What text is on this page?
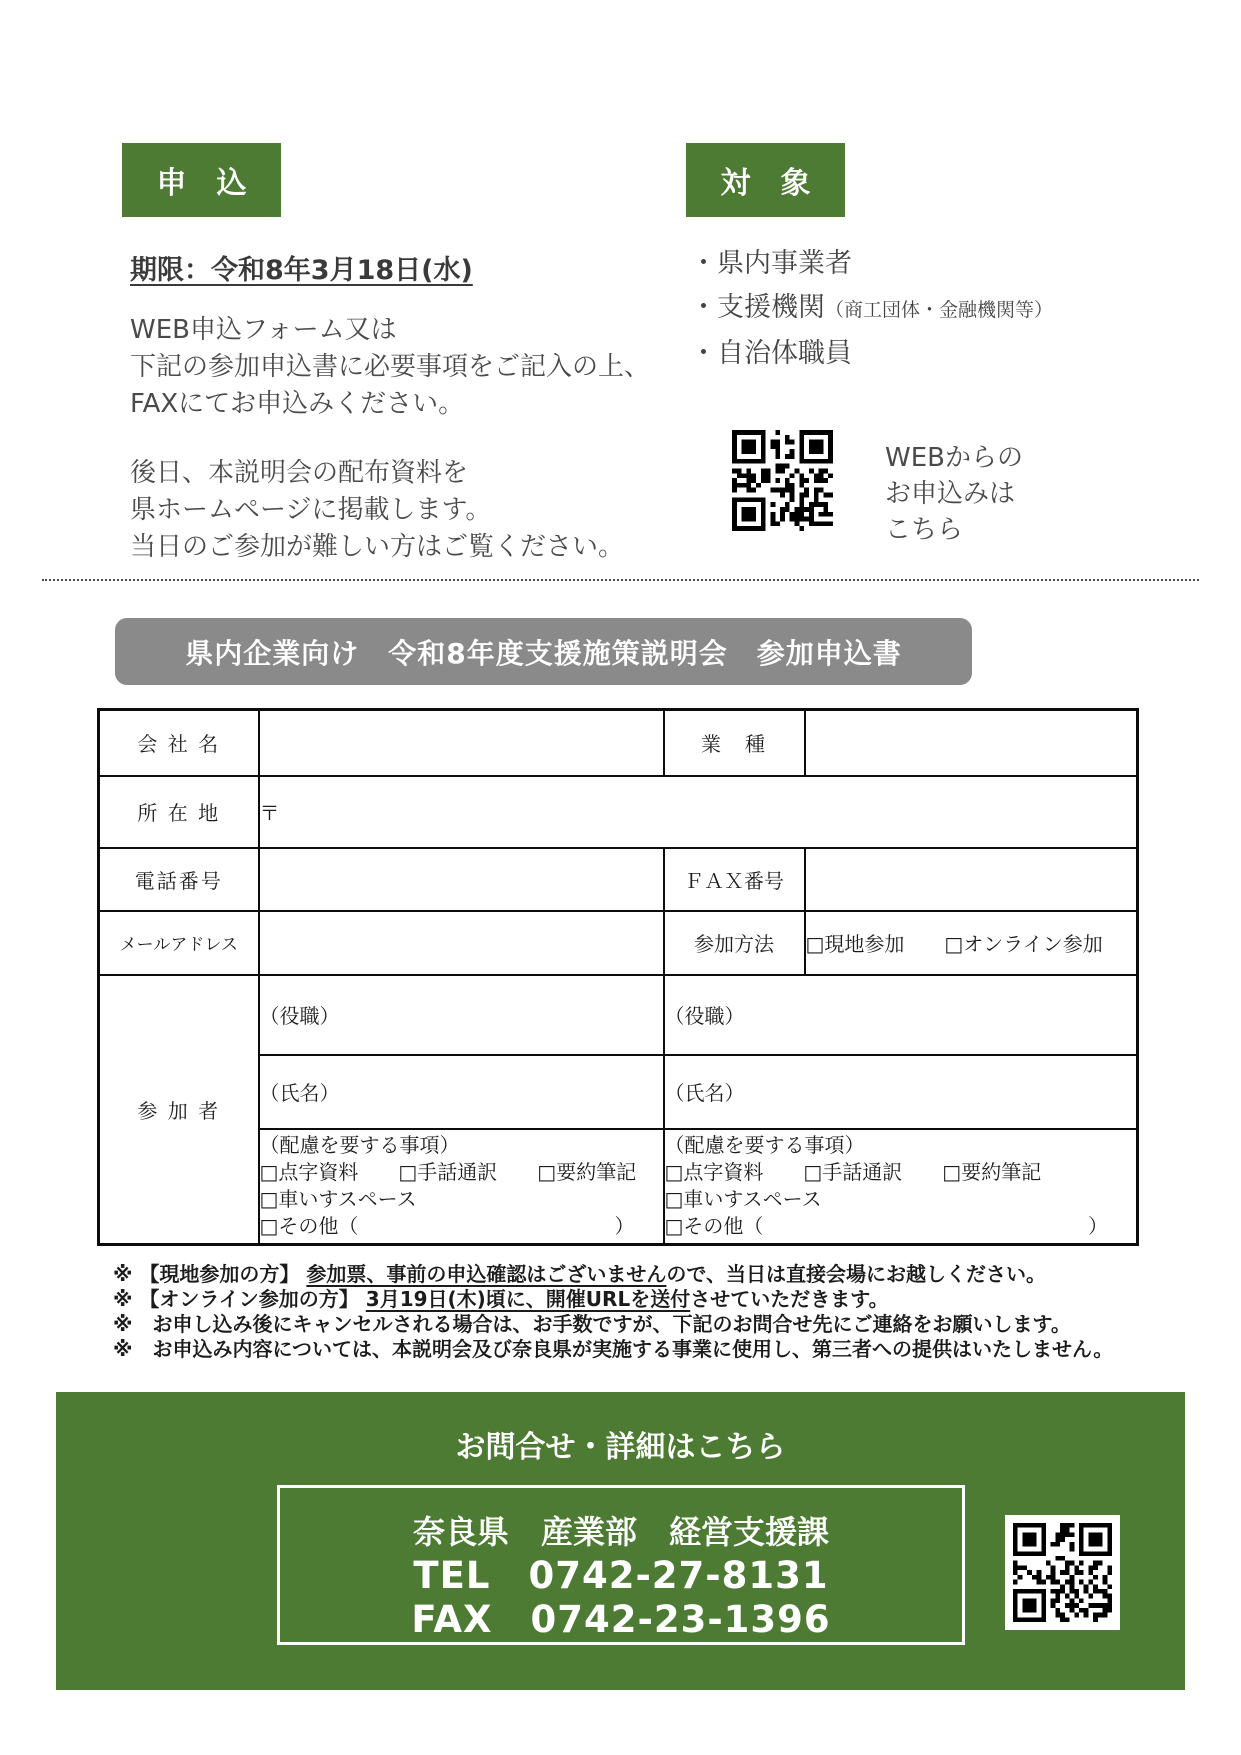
申　込
期限：令和8年3月18日(水)
WEB申込フォーム又は
下記の参加申込書に必要事項をご記入の上、
FAXにてお申込みください。
後日、本説明会の配布資料を
県ホームページに掲載します。
当日のご参加が難しい方はご覧ください。
対　象
・県内事業者
・支援機関（商工団体・金融機関等）
・自治体職員
WEBからの
お申込みは
こちら
県内企業向け　令和8年度支援施策説明会　参加申込書
会 社 名		業　種	
所 在 地	〒		
電話番号		ＦＡＸ番号	
メールアドレス		参加方法	□現地参加　　□オンライン参加
参 加 者	（役職）	（役職）	
	（氏名）	（氏名）	

（配慮を要する事項）
□点字資料　　□手話通訳　　□要約筆記
□車いすスペース
□その他（	）

（配慮を要する事項）
□点字資料　　□手話通訳　　□要約筆記
□車いすスペース
□その他（	）
※ 【現地参加の方】 参加票、事前の申込確認はございませんので、当日は直接会場にお越しください。
※ 【オンライン参加の方】 3月19日(木)頃に、開催URLを送付させていただきます。
※　お申し込み後にキャンセルされる場合は、お手数ですが、下記のお問合せ先にご連絡をお願いします。
※　お申込み内容については、本説明会及び奈良県が実施する事業に使用し、第三者への提供はいたしません。
お問合せ・詳細はこちら
奈良県　産業部　経営支援課
TEL　0742-27-8131
FAX　0742-23-1396
